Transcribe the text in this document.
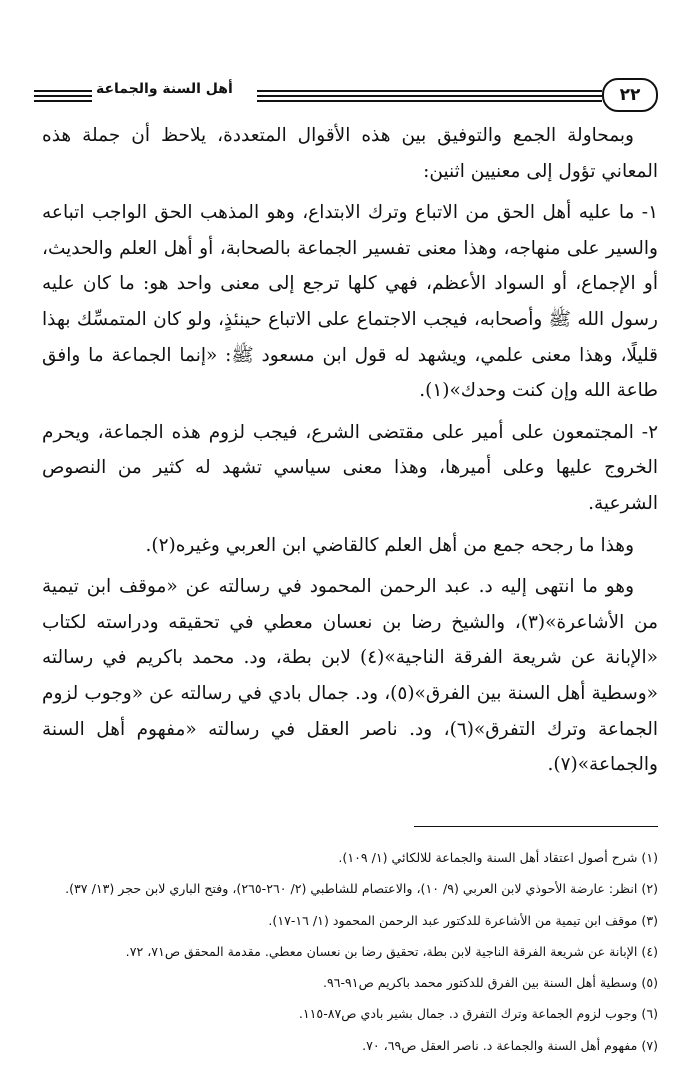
٢٢
أهل السنة والجماعة

وبمحاولة الجمع والتوفيق بين هذه الأقوال المتعددة، يلاحظ أن جملة هذه المعاني تؤول إلى معنيين اثنين:

١- ما عليه أهل الحق من الاتباع وترك الابتداع، وهو المذهب الحق الواجب اتباعه والسير على منهاجه، وهذا معنى تفسير الجماعة بالصحابة، أو أهل العلم والحديث، أو الإجماع، أو السواد الأعظم، فهي كلها ترجع إلى معنى واحد هو: ما كان عليه رسول الله ﷺ وأصحابه، فيجب الاجتماع على الاتباع حينئذٍ، ولو كان المتمسِّك بهذا قليلًا، وهذا معنى علمي، ويشهد له قول ابن مسعود ﷺ: «إنما الجماعة ما وافق طاعة الله وإن كنت وحدك»(١).

٢- المجتمعون على أمير على مقتضى الشرع، فيجب لزوم هذه الجماعة، ويحرم الخروج عليها وعلى أميرها، وهذا معنى سياسي تشهد له كثير من النصوص الشرعية.

وهذا ما رجحه جمع من أهل العلم كالقاضي ابن العربي وغيره(٢).

وهو ما انتهى إليه د. عبد الرحمن المحمود في رسالته عن «موقف ابن تيمية من الأشاعرة»(٣)، والشيخ رضا بن نعسان معطي في تحقيقه ودراسته لكتاب «الإبانة عن شريعة الفرقة الناجية»(٤) لابن بطة، ود. محمد باكريم في رسالته «وسطية أهل السنة بين الفرق»(٥)، ود. جمال بادي في رسالته عن «وجوب لزوم الجماعة وترك التفرق»(٦)، ود. ناصر العقل في رسالته «مفهوم أهل السنة والجماعة»(٧).

(١) شرح أصول اعتقاد أهل السنة والجماعة للالكائي (١/ ١٠٩).

(٢) انظر: عارضة الأحوذي لابن العربي (٩/ ١٠)، والاعتصام للشاطبي (٢/ ٢٦٠-٢٦٥)، وفتح الباري لابن حجر (١٣/ ٣٧).

(٣) موقف ابن تيمية من الأشاعرة للدكتور عبد الرحمن المحمود (١/ ١٦-١٧).

(٤) الإبانة عن شريعة الفرقة الناجية لابن بطة، تحقيق رضا بن نعسان معطي. مقدمة المحقق ص٧١، ٧٢.

(٥) وسطية أهل السنة بين الفرق للدكتور محمد باكريم ص٩١-٩٦.

(٦) وجوب لزوم الجماعة وترك التفرق د. جمال بشير بادي ص٨٧-١١٥.

(٧) مفهوم أهل السنة والجماعة د. ناصر العقل ص٦٩، ٧٠.
